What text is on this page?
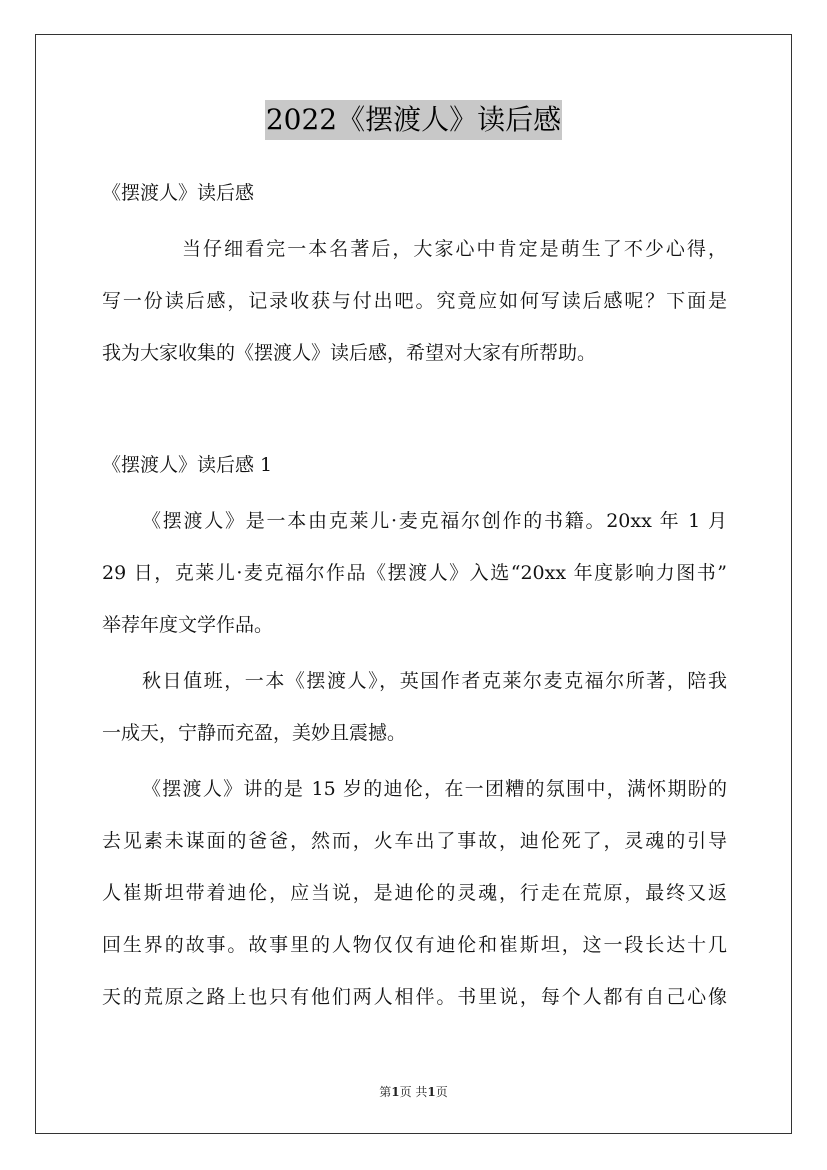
2022《摆渡人》读后感
《摆渡人》读后感
当仔细看完一本名著后，大家心中肯定是萌生了不少心得，
写一份读后感，记录收获与付出吧。究竟应如何写读后感呢？下面是
我为大家收集的《摆渡人》读后感，希望对大家有所帮助。
《摆渡人》读后感 1
《摆渡人》是一本由克莱儿·麦克福尔创作的书籍。20xx 年 1 月
29 日，克莱儿·麦克福尔作品《摆渡人》入选“20xx 年度影响力图书”
举荐年度文学作品。
秋日值班，一本《摆渡人》，英国作者克莱尔麦克福尔所著，陪我
一成天，宁静而充盈，美妙且震撼。
《摆渡人》讲的是 15 岁的迪伦，在一团糟的氛围中，满怀期盼的
去见素未谋面的爸爸，然而，火车出了事故，迪伦死了，灵魂的引导
人崔斯坦带着迪伦，应当说，是迪伦的灵魂，行走在荒原，最终又返
回生界的故事。故事里的人物仅仅有迪伦和崔斯坦，这一段长达十几
天的荒原之路上也只有他们两人相伴。书里说，每个人都有自己心像
第1页 共1页
